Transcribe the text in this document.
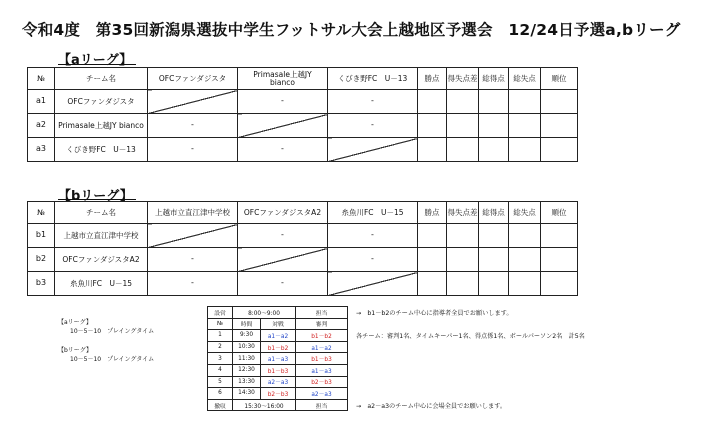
令和4度　第35回新潟県選抜中学生フットサル大会上越地区予選会　12/24日予選a,bリーグ
【aリーグ】
№	チーム名	OFCファンダジスタ	Primasale上越JY　bianco	くびき野FC　U－13	勝点	得失点差	総得点	総失点	順位
a1	OFCファンダジスタ		-	-					
a2	Primasale上越JY bianco	-		-					
a3	くびき野FC　U－13	-	-						
【bリーグ】
№	チーム名	上越市立直江津中学校	OFCファンダジスタA2	糸魚川FC　U－15	勝点	得失点差	総得点	総失点	順位
b1	上越市立直江津中学校		-	-					
b2	OFCファンダジスタA2	-		-					
b3	糸魚川FC　U－15	-	-						
【aリーグ】
10－5－10　プレイングタイム
【bリーグ】
10－5－10　プレイングタイム
設営	8:00～9:00		担当
№	時間	対戦	審判
1	9:30	a1－a2	b1－b2
2	10:30	b1－b2	a1－a2
3	11:30	a1－a3	b1－b3
4	12:30	b1－b3	a1－a3
5	13:30	a2－a3	b2－b3
6	14:30	b2－b3	a2－a3
撤収	15:30～16:00		担当
→　b1－b2のチーム中心に指導者全員でお願いします。
各チーム：審判1名、タイムキーパー1名、得点係1名、ボールパーソン2名　計5名
→　a2－a3のチーム中心に会場全員でお願いします。
